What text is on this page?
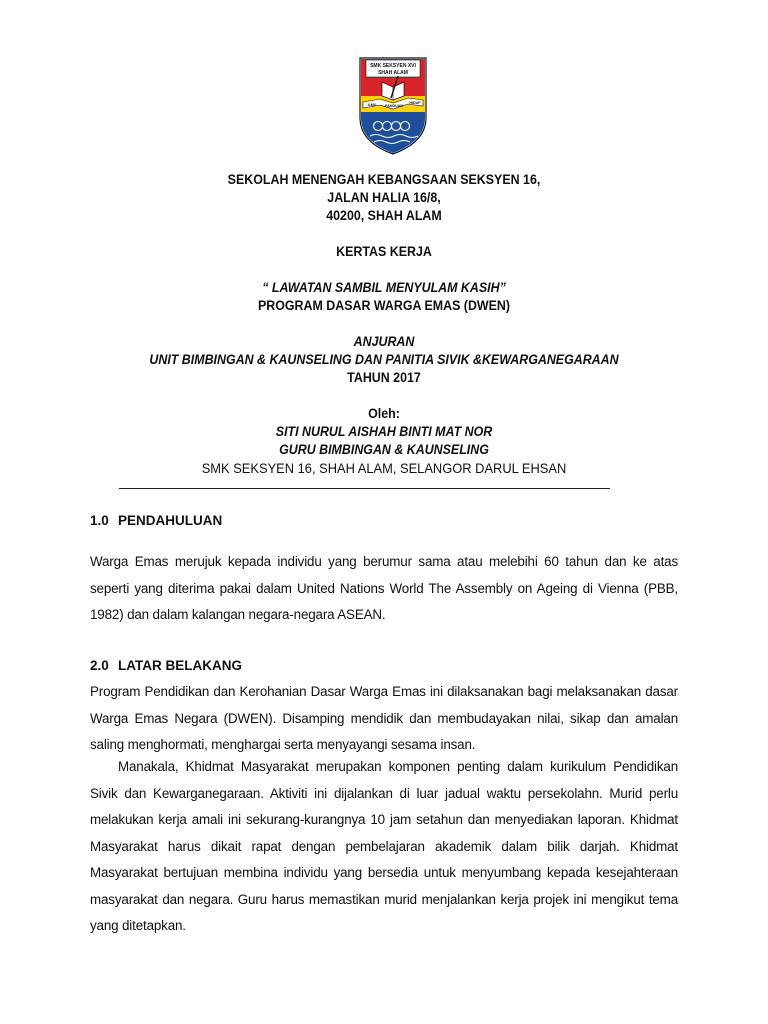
SMK SEKSYEN XVI
SHAH ALAM
ILMU PANDUAN
HIDUP
SEKOLAH MENENGAH KEBANGSAAN SEKSYEN 16,
JALAN HALIA 16/8,
40200, SHAH ALAM
KERTAS KERJA
“ LAWATAN SAMBIL MENYULAM KASIH”
PROGRAM DASAR WARGA EMAS (DWEN)
ANJURAN
UNIT BIMBINGAN & KAUNSELING DAN PANITIA SIVIK &KEWARGANEGARAAN
TAHUN 2017
Oleh:
SITI NURUL AISHAH BINTI MAT NOR
GURU BIMBINGAN & KAUNSELING
SMK SEKSYEN 16, SHAH ALAM, SELANGOR DARUL EHSAN
1.0 PENDAHULUAN
Warga Emas merujuk kepada individu yang berumur sama atau melebihi 60 tahun dan ke atas seperti yang diterima pakai dalam United Nations World The Assembly on Ageing di Vienna (PBB, 1982) dan dalam kalangan negara-negara ASEAN.
2.0 LATAR BELAKANG
Program Pendidikan dan Kerohanian Dasar Warga Emas ini dilaksanakan bagi melaksanakan dasar Warga Emas Negara (DWEN). Disamping mendidik dan membudayakan nilai, sikap dan amalan saling menghormati, menghargai serta menyayangi sesama insan.
Manakala, Khidmat Masyarakat merupakan komponen penting dalam kurikulum Pendidikan Sivik dan Kewarganegaraan. Aktiviti ini dijalankan di luar jadual waktu persekolahn. Murid perlu melakukan kerja amali ini sekurang-kurangnya 10 jam setahun dan menyediakan laporan. Khidmat Masyarakat harus dikait rapat dengan pembelajaran akademik dalam bilik darjah. Khidmat Masyarakat bertujuan membina individu yang bersedia untuk menyumbang kepada kesejahteraan masyarakat dan negara. Guru harus memastikan murid menjalankan kerja projek ini mengikut tema yang ditetapkan.
